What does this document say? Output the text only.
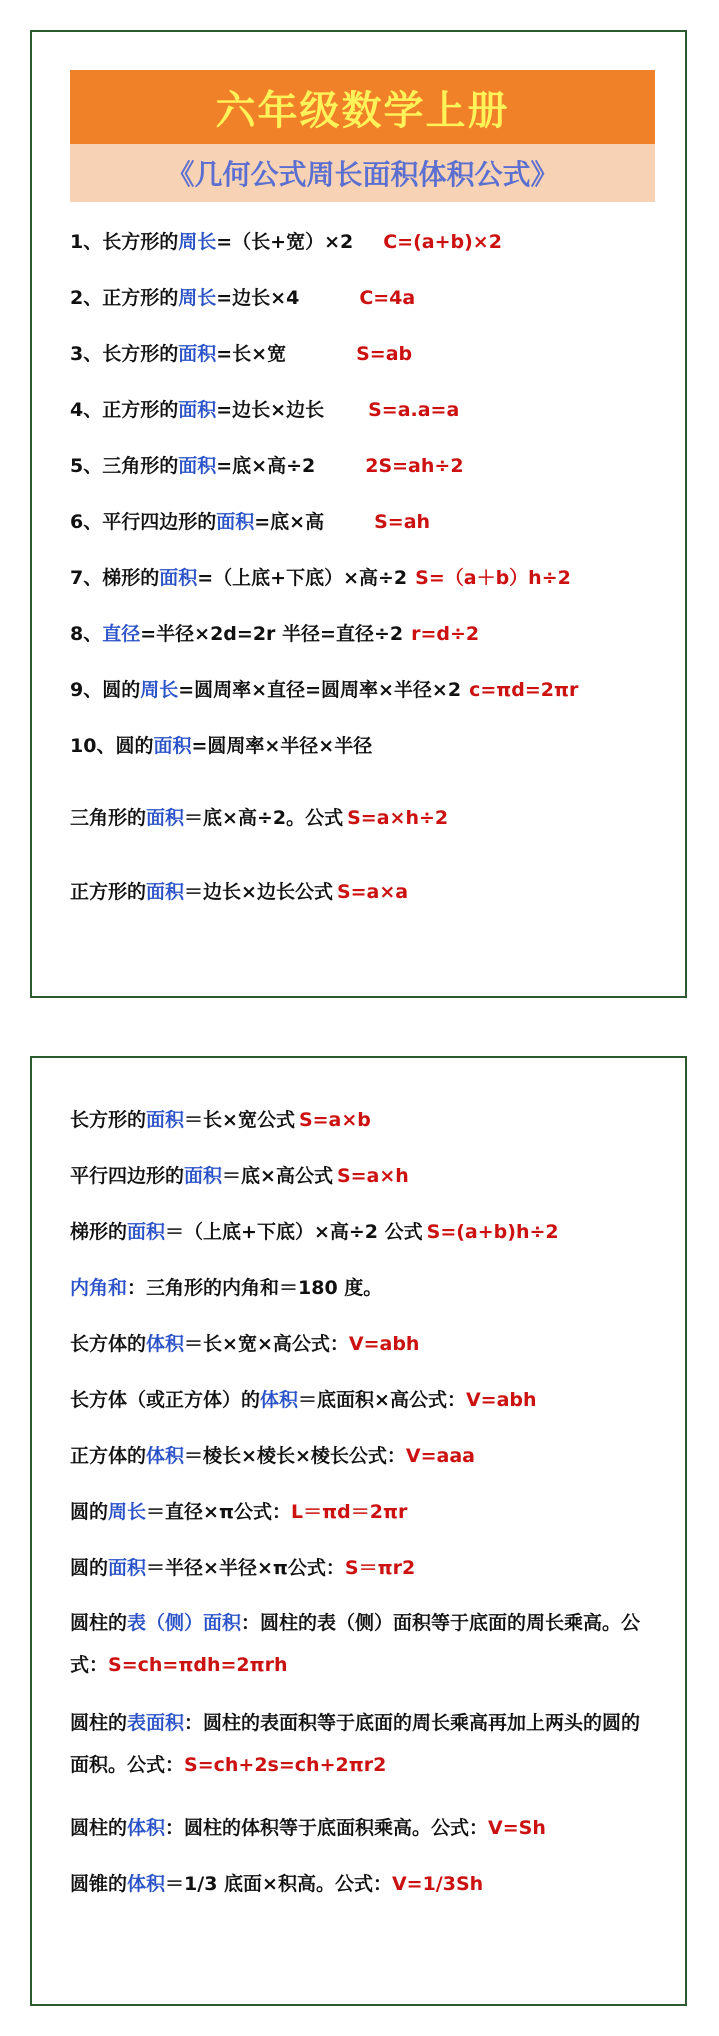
六年级数学上册
《几何公式周长面积体积公式》
1、长方形的周长=（长+宽）×2 C=(a+b)×2
2、正方形的周长=边长×4	C=4a
3、长方形的面积=长×宽	S=ab
4、正方形的面积=边长×边长 S=a.a=a
5、三角形的面积=底×高÷2	2S=ah÷2
6、平行四边形的面积=底×高	S=ah
7、梯形的面积=（上底+下底）×高÷2 S=（a＋b）h÷2
8、直径=半径×2d=2r 半径=直径÷2 r=d÷2
9、圆的周长=圆周率×直径=圆周率×半径×2 c=πd=2πr
10、圆的面积=圆周率×半径×半径
三角形的面积＝底×高÷2。公式 S=a×h÷2
正方形的面积＝边长×边长公式 S=a×a
长方形的面积＝长×宽公式 S=a×b
平行四边形的面积＝底×高公式 S=a×h
梯形的面积＝（上底+下底）×高÷2 公式 S=(a+b)h÷2
内角和：三角形的内角和＝180 度。
长方体的体积＝长×宽×高公式：V=abh
长方体（或正方体）的体积＝底面积×高公式：V=abh
正方体的体积＝棱长×棱长×棱长公式：V=aaa
圆的周长＝直径×π公式：L＝πd＝2πr
圆的面积＝半径×半径×π公式：S＝πr2
圆柱的表（侧）面积：圆柱的表（侧）面积等于底面的周长乘高。公式：S=ch=πdh=2πrh
圆柱的表面积：圆柱的表面积等于底面的周长乘高再加上两头的圆的面积。公式：S=ch+2s=ch+2πr2
圆柱的体积：圆柱的体积等于底面积乘高。公式：V=Sh
圆锥的体积＝1/3 底面×积高。公式：V=1/3Sh
